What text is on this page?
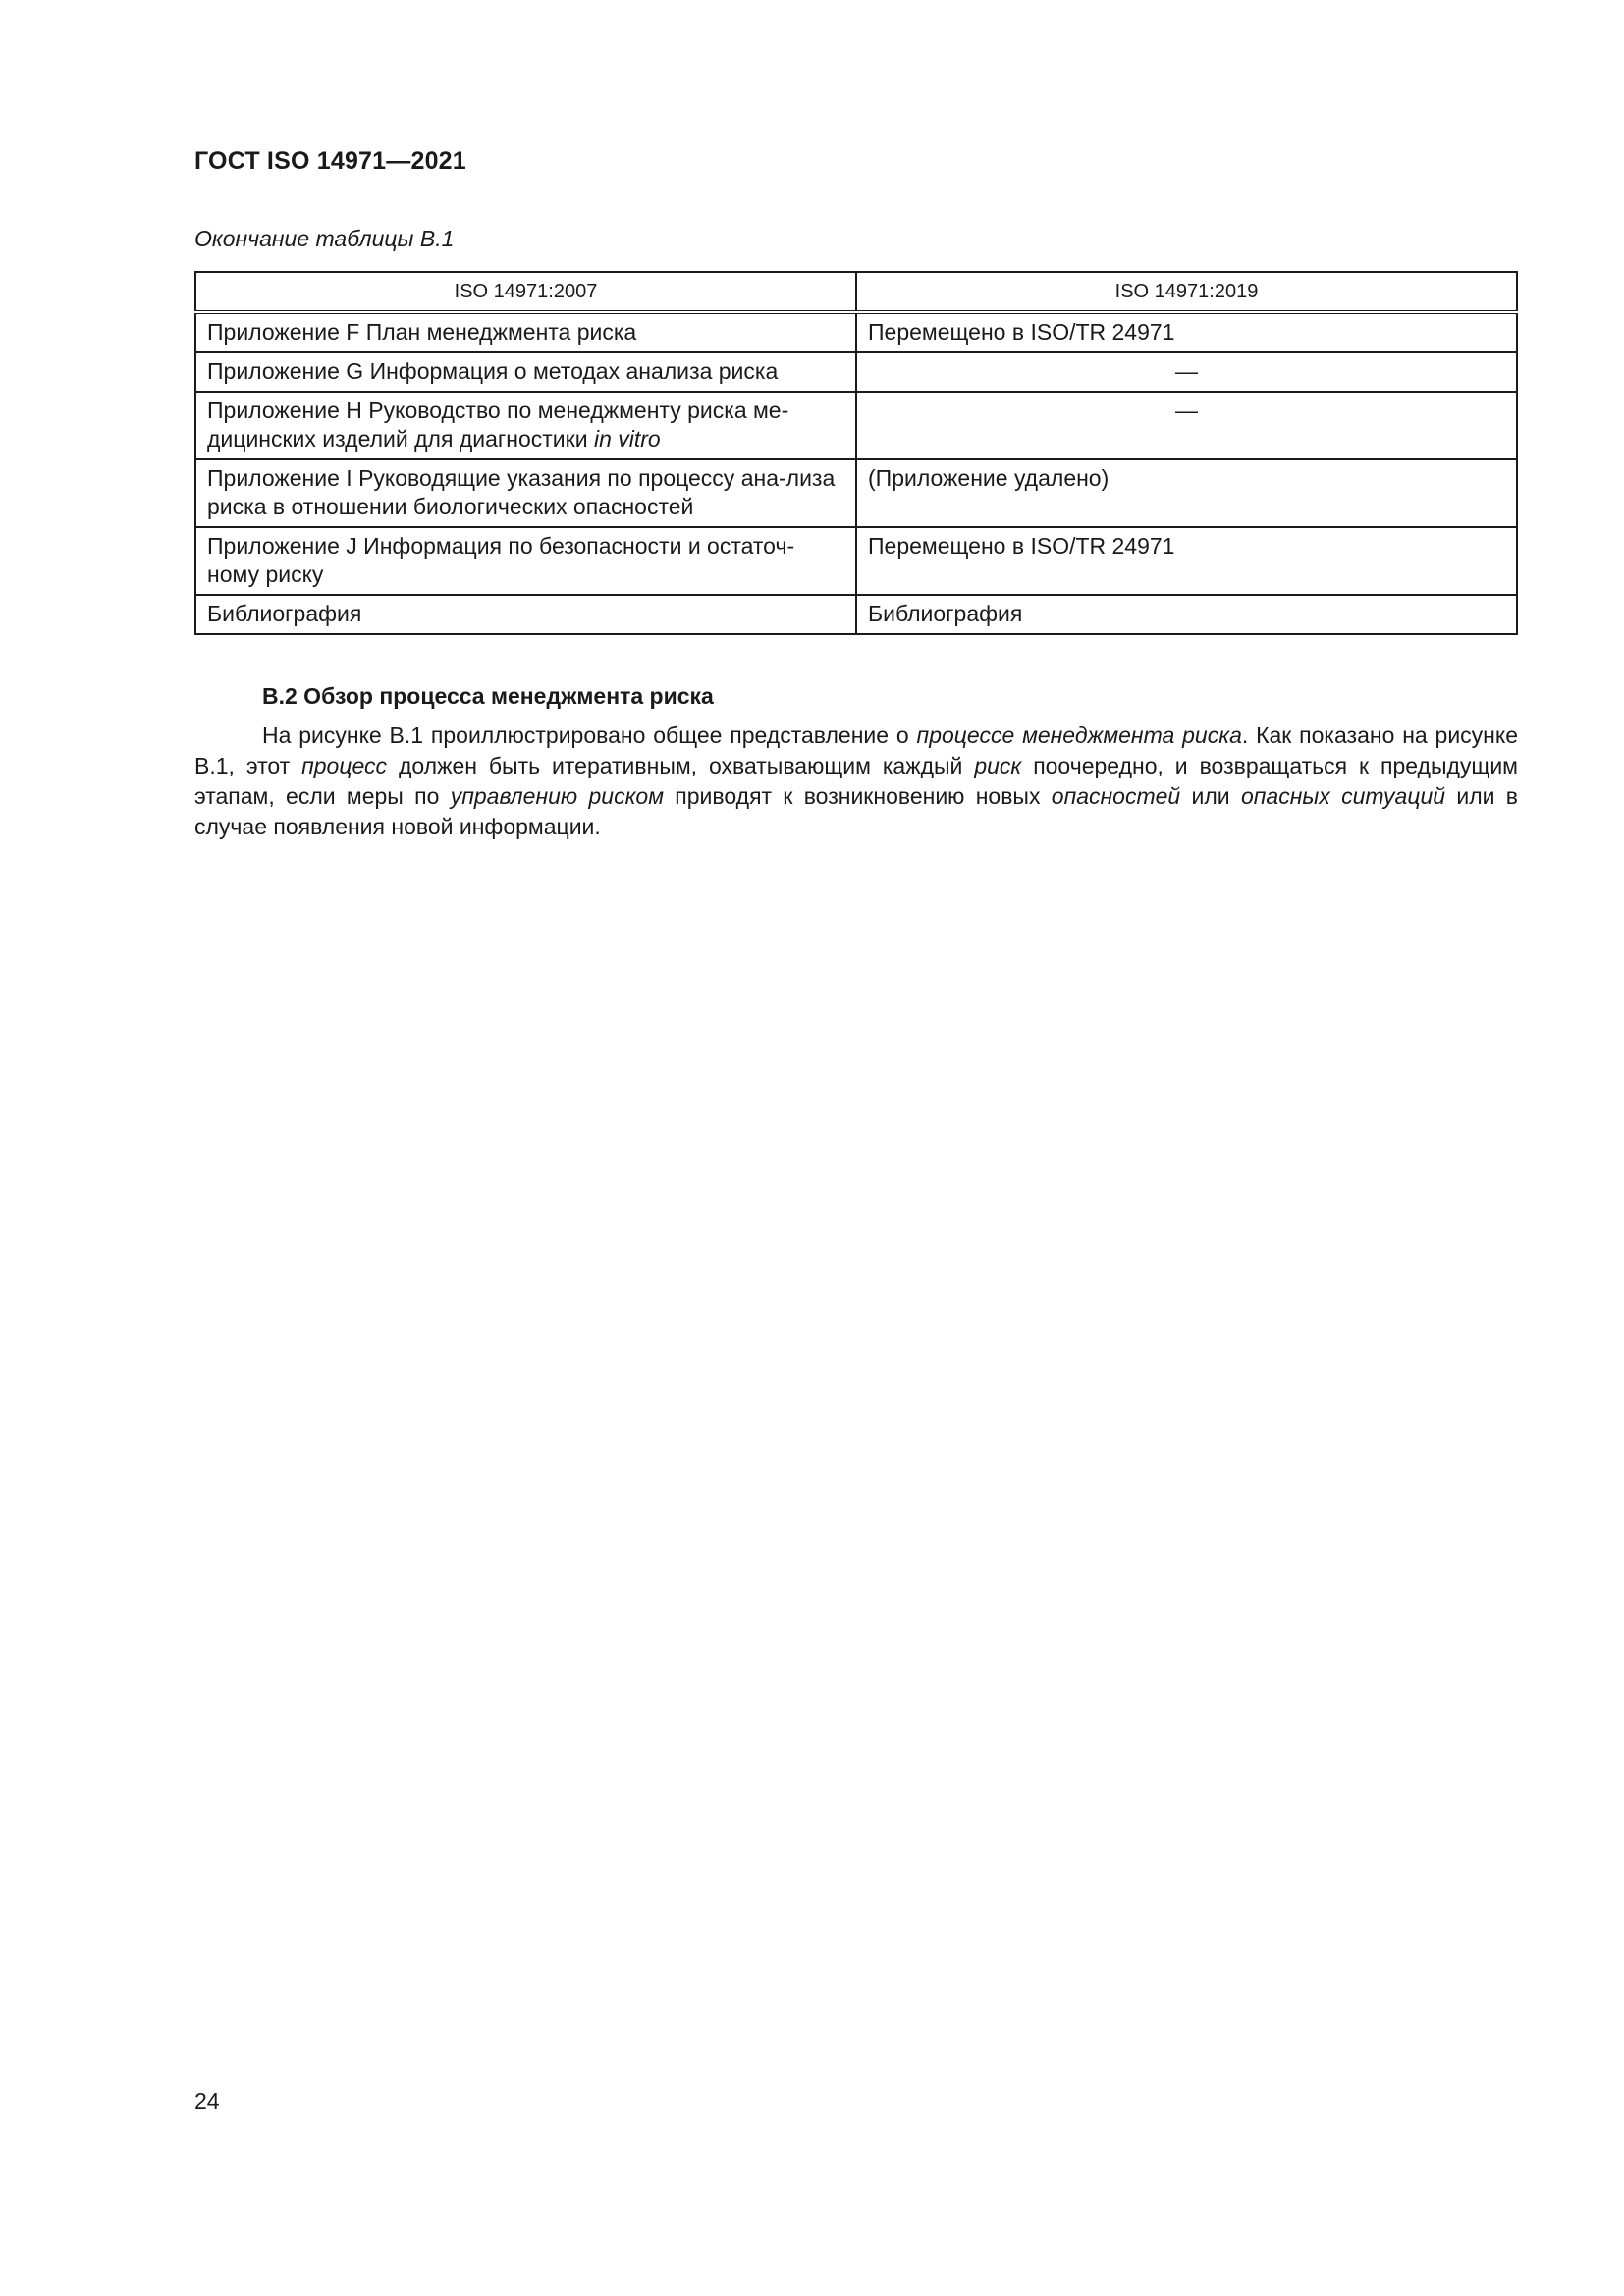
ГОСТ ISO 14971—2021
Окончание таблицы В.1
ISO 14971:2007	ISO 14971:2019
Приложение F План менеджмента риска	Перемещено в ISO/TR 24971
Приложение G Информация о методах анализа риска	—
Приложение H Руководство по менеджменту риска ме-дицинских изделий для диагностики in vitro	—
Приложение I Руководящие указания по процессу ана-лиза риска в отношении биологических опасностей	(Приложение удалено)
Приложение J Информация по безопасности и остаточ-ному риску	Перемещено в ISO/TR 24971
Библиография	Библиография
В.2 Обзор процесса менеджмента риска

На рисунке В.1 проиллюстрировано общее представление о процессе менеджмента риска. Как показано на рисунке В.1, этот процесс должен быть итеративным, охватывающим каждый риск поочередно, и возвращаться к предыдущим этапам, если меры по управлению риском приводят к возникновению новых опасностей или опасных ситуаций или в случае появления новой информации.

24
